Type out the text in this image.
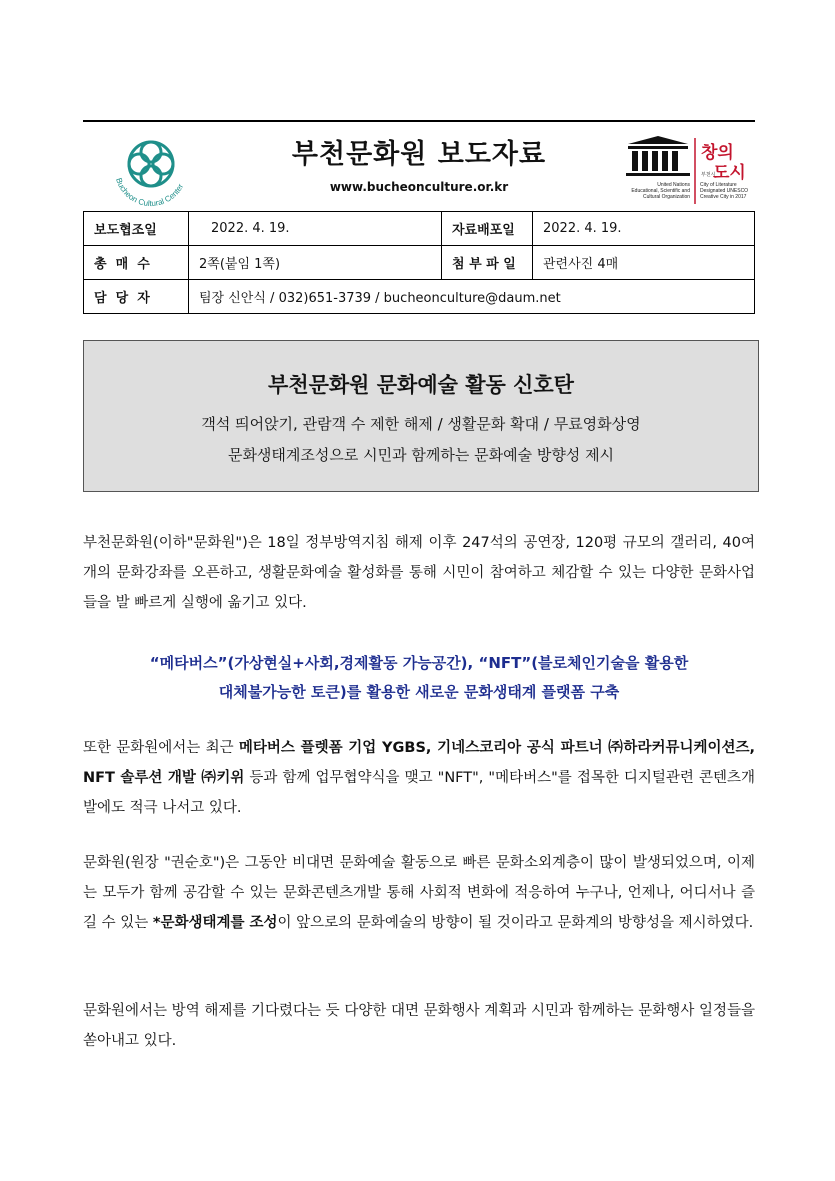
Bucheon Cultural Center
부천문화원 보도자료
www.bucheonculture.or.kr
창의
도시
부천시
United Nations
Educational, Scientific and
Cultural Organization
City of Literature
Designated UNESCO
Creative City in 2017
보도협조일	2022. 4. 19.	자료배포일	2022. 4. 19.
총  매  수	2쪽(붙임 1쪽)	첨 부 파 일	관련사진 4매
담  당  자	팀장 신안식 / 032)651-3739 / bucheonculture@daum.net		
부천문화원 문화예술 활동 신호탄
객석 띄어앉기, 관람객 수 제한 해제 / 생활문화 확대 / 무료영화상영
문화생태계조성으로 시민과 함께하는 문화예술 방향성 제시
부천문화원(이하"문화원")은 18일 정부방역지침 해제 이후 247석의 공연장, 120평 규모의 갤러리, 40여개의 문화강좌를 오픈하고, 생활문화예술 활성화를 통해 시민이 참여하고 체감할 수 있는 다양한 문화사업들을 발 빠르게 실행에 옮기고 있다.
“메타버스”(가상현실+사회,경제활동 가능공간), “NFT”(블로체인기술을 활용한
대체불가능한 토큰)를 활용한 새로운 문화생태계 플랫폼 구축
또한 문화원에서는 최근 메타버스 플렛폼 기업 YGBS, 기네스코리아 공식 파트너 ㈜하라커뮤니케이션즈, NFT 솔루션 개발 ㈜키위 등과 함께 업무협약식을 맺고 "NFT", "메타버스"를 접목한 디지털관련 콘텐츠개발에도 적극 나서고 있다.
문화원(원장 "권순호")은 그동안 비대면 문화예술 활동으로 빠른 문화소외계층이 많이 발생되었으며, 이제는 모두가 함께 공감할 수 있는 문화콘텐츠개발 통해 사회적 변화에 적응하여 누구나, 언제나, 어디서나 즐길 수 있는 *문화생태계를 조성이 앞으로의 문화예술의 방향이 될 것이라고 문화계의 방향성을 제시하였다.
문화원에서는 방역 해제를 기다렸다는 듯 다양한 대면 문화행사 계획과 시민과 함께하는 문화행사 일정들을 쏟아내고 있다.
